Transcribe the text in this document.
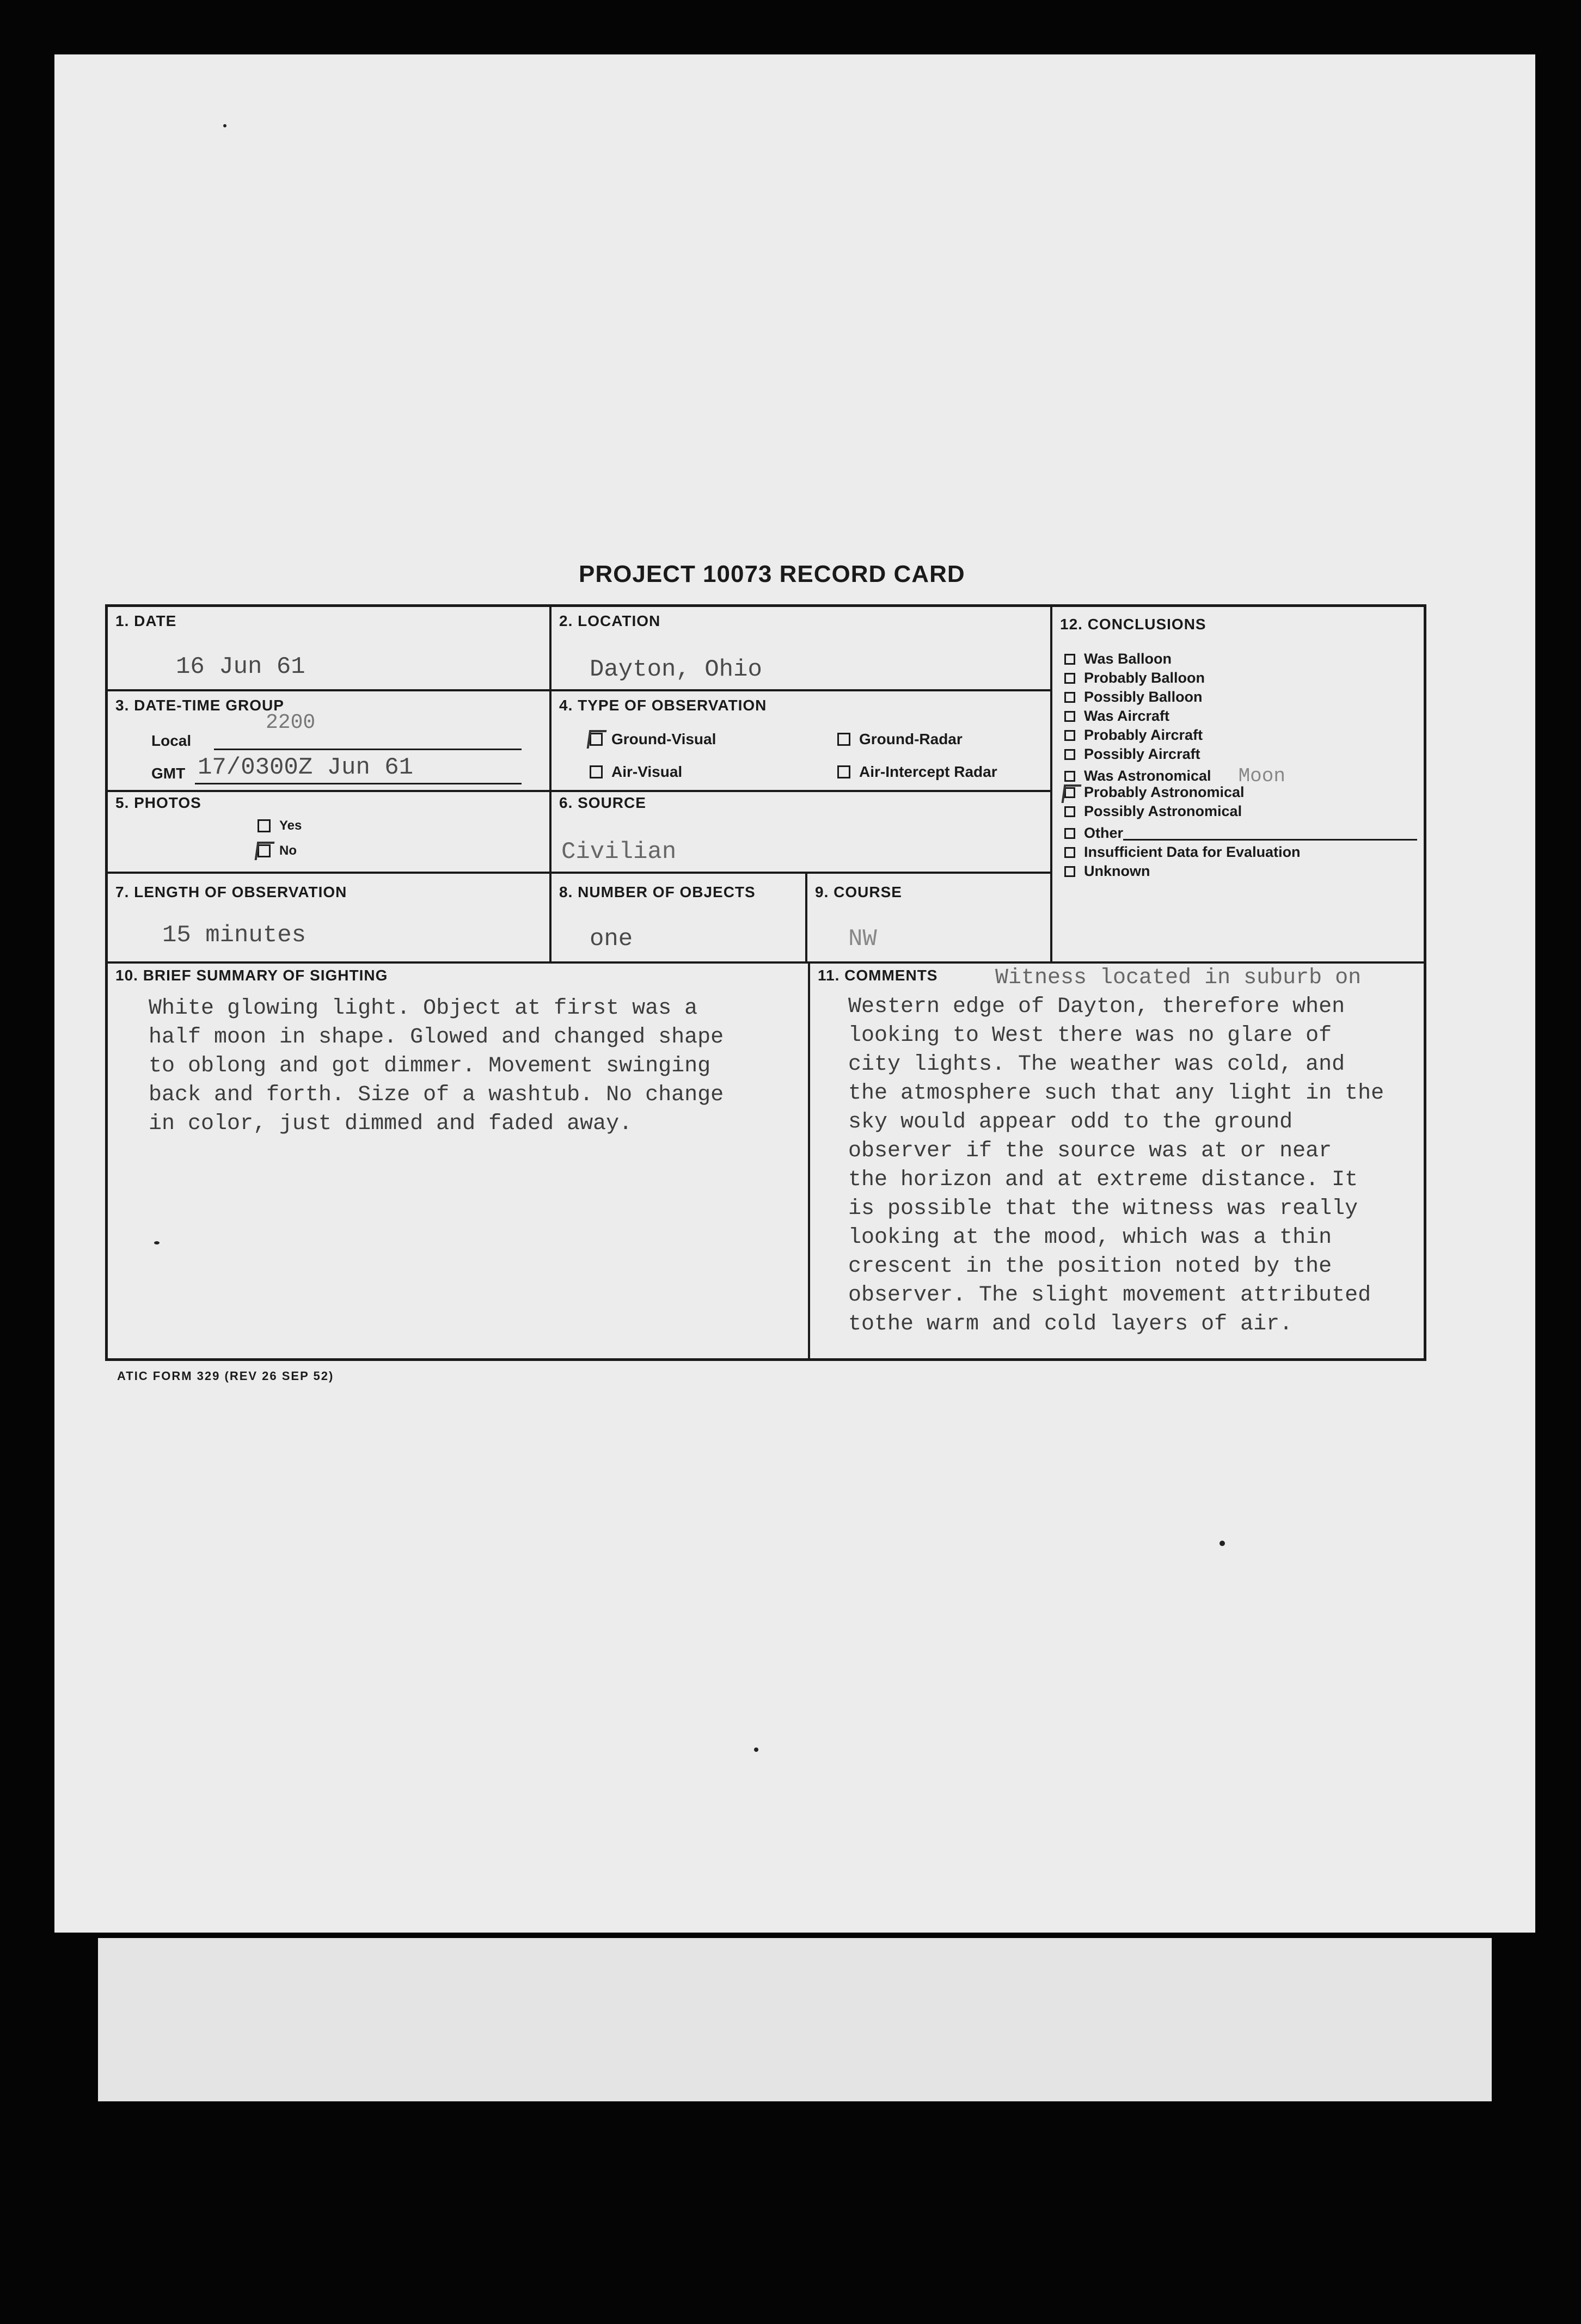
PROJECT 10073 RECORD CARD
1. DATE
16 Jun 61
2. LOCATION
Dayton, Ohio
3. DATE-TIME GROUP
Local
2200
GMT 17/0300Z Jun 61
4. TYPE OF OBSERVATION
Ground-Visual	Ground-Radar
Air-Visual	Air-Intercept Radar
5. PHOTOS
Yes
No
6. SOURCE
Civilian
7. LENGTH OF OBSERVATION
15 minutes
8. NUMBER OF OBJECTS
one
9. COURSE
NW
12. CONCLUSIONS
Was Balloon
Probably Balloon
Possibly Balloon
Was Aircraft
Probably Aircraft
Possibly Aircraft
Was Astronomical Moon
Probably Astronomical
Possibly Astronomical
Other
Insufficient Data for Evaluation
Unknown
10. BRIEF SUMMARY OF SIGHTING
White glowing light. Object at first was a
half moon in shape. Glowed and changed shape
to oblong and got dimmer. Movement swinging
back and forth. Size of a washtub. No change
in color, just dimmed and faded away.
11. COMMENTS	Witness located in suburb on
Western edge of Dayton, therefore when
looking to West there was no glare of
city lights. The weather was cold, and
the atmosphere such that any light in the
sky would appear odd to the ground
observer if the source was at or near
the horizon and at extreme distance. It
is possible that the witness was really
looking at the mood, which was a thin
crescent in the position noted by the
observer. The slight movement attributed
tothe warm and cold layers of air.
ATIC FORM 329 (REV 26 SEP 52)
